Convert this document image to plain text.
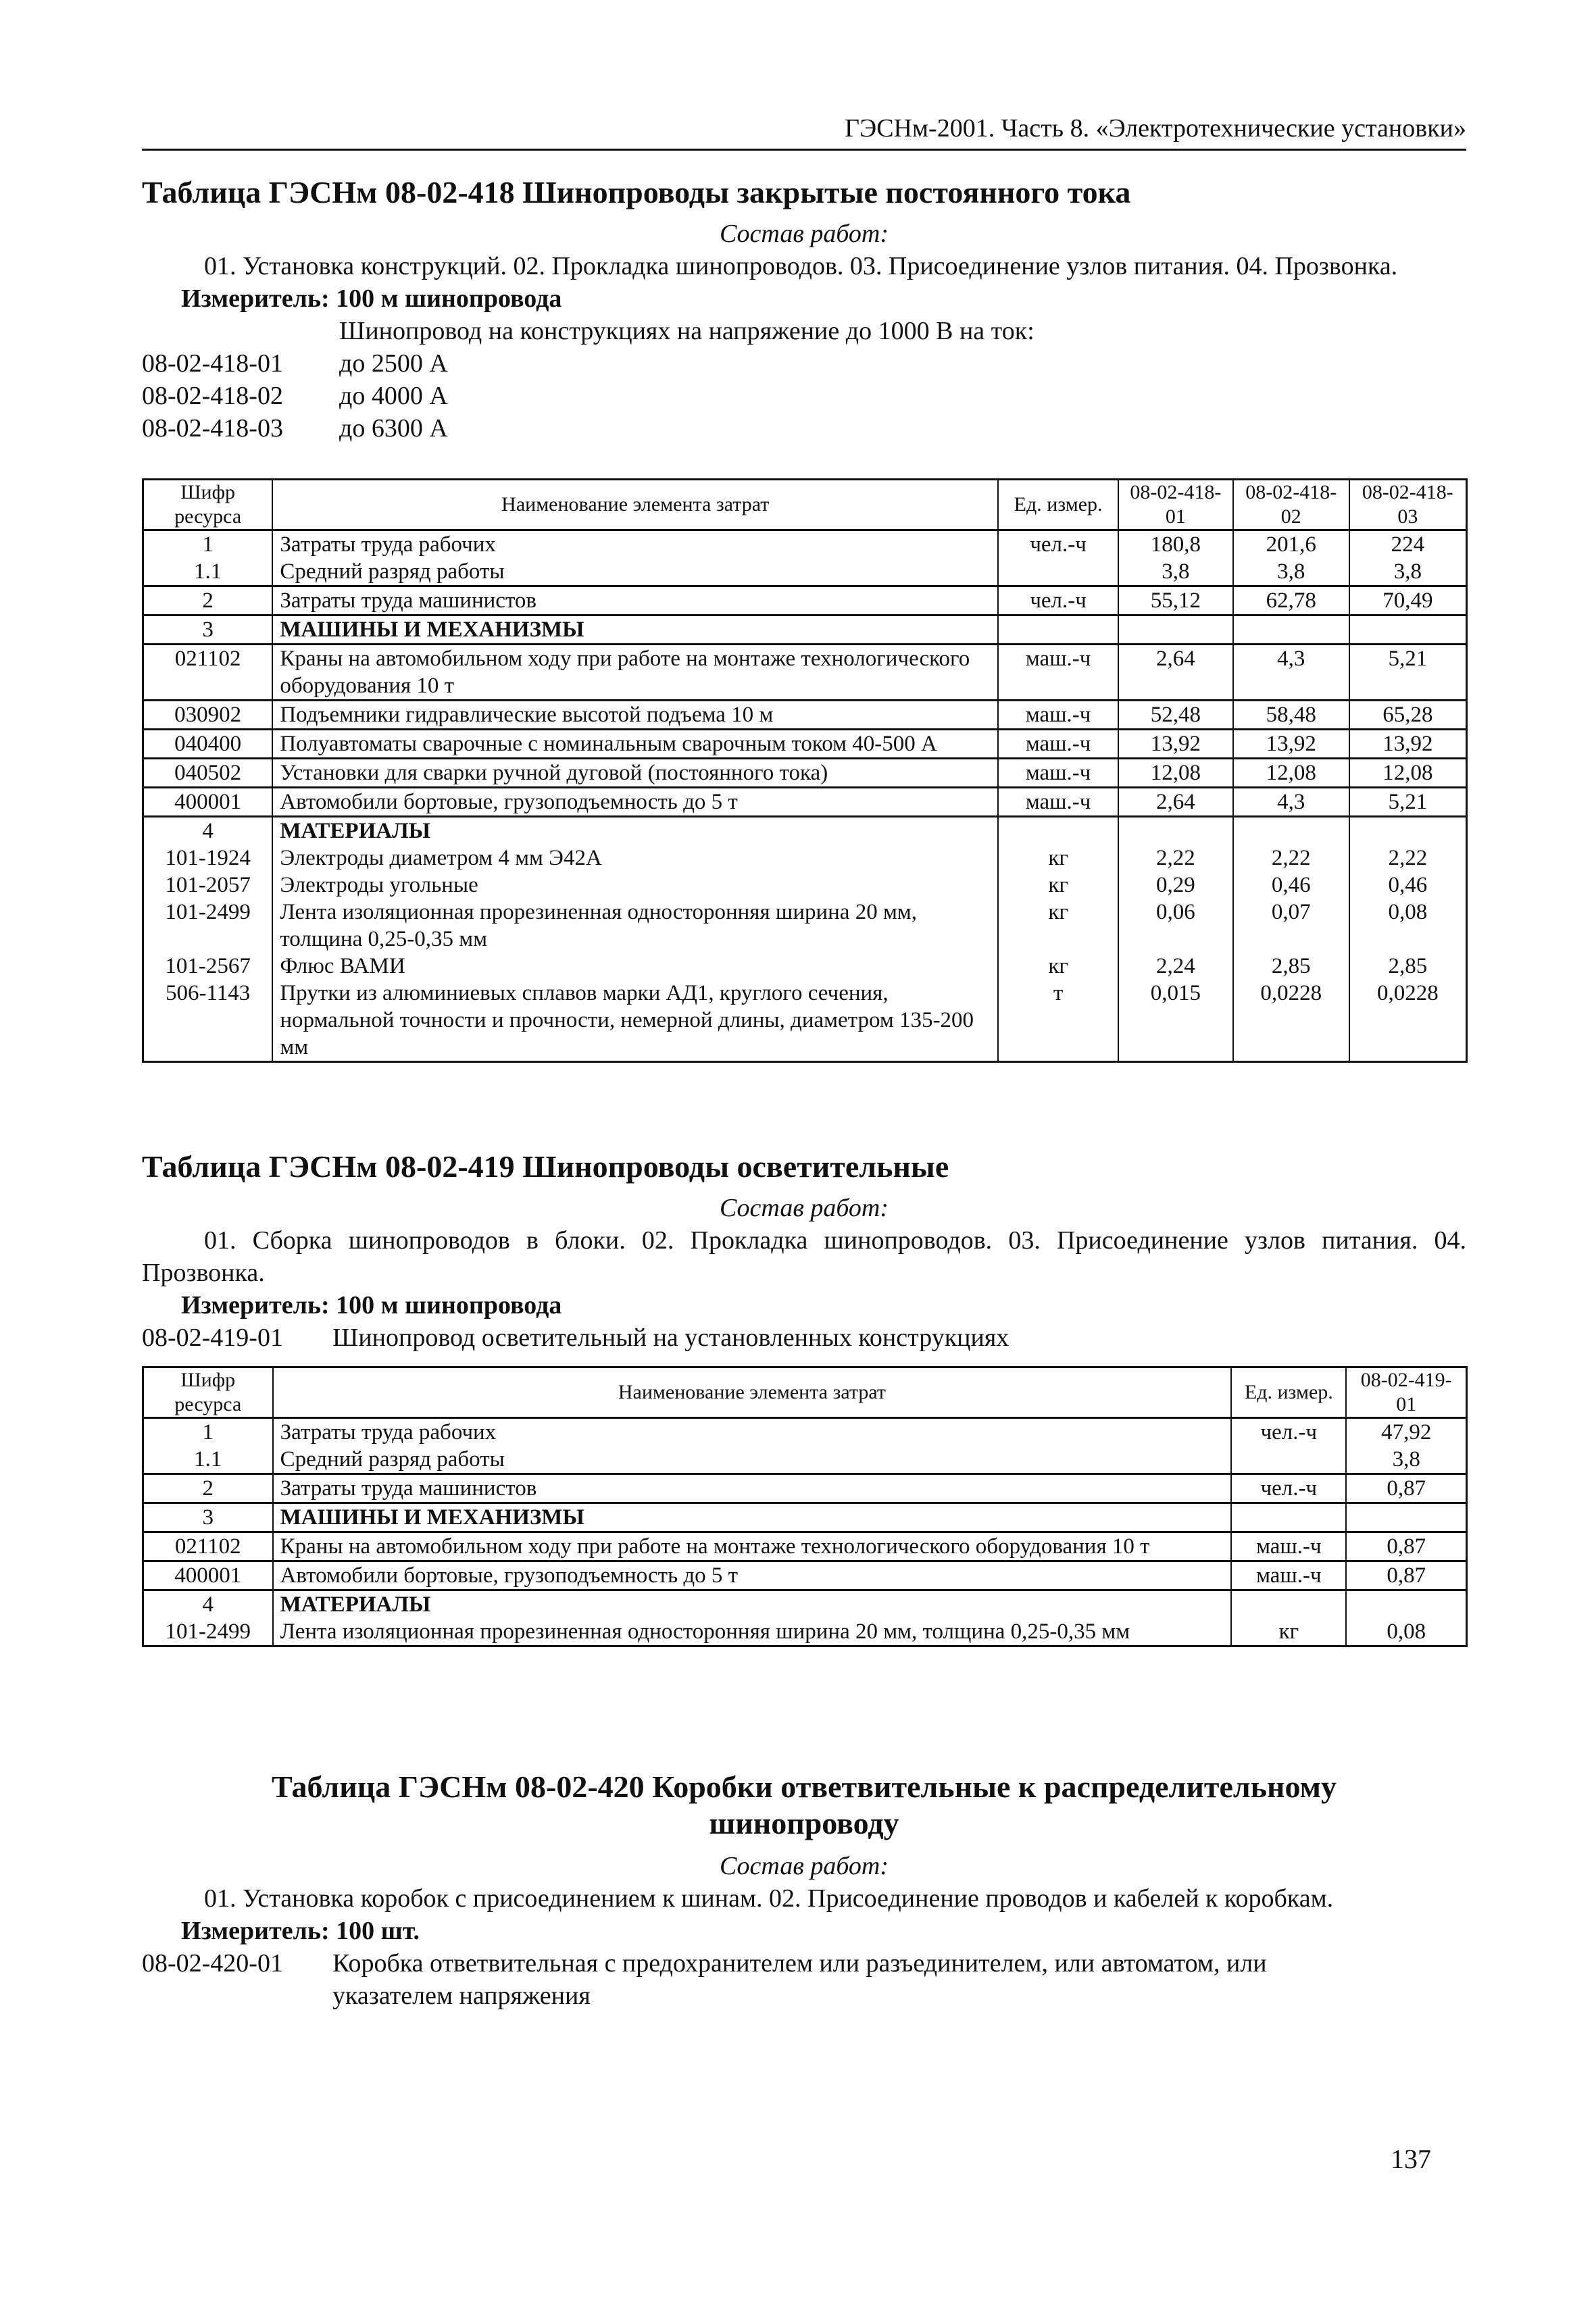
ГЭСНм-2001. Часть 8. «Электротехнические установки»
Таблица ГЭСНм 08-02-418 Шинопроводы закрытые постоянного тока
Состав работ:
01. Установка конструкций. 02. Прокладка шинопроводов. 03. Присоединение узлов питания. 04. Прозвонка.
Измеритель: 100 м шинопровода
Шинопровод на конструкциях на напряжение до 1000 В на ток:
08-02-418-01	до 2500 А
08-02-418-02	до 4000 А
08-02-418-03	до 6300 А
Шифр ресурса	Наименование элемента затрат	Ед. измер.	08-02-418-01	08-02-418-02	08-02-418-03
1	Затраты труда рабочих	чел.-ч	180,8	201,6	224
1.1	Средний разряд работы		3,8	3,8	3,8
2	Затраты труда машинистов	чел.-ч	55,12	62,78	70,49
3	МАШИНЫ И МЕХАНИЗМЫ				
021102	Краны на автомобильном ходу при работе на монтаже технологического оборудования 10 т	маш.-ч	2,64	4,3	5,21
030902	Подъемники гидравлические высотой подъема 10 м	маш.-ч	52,48	58,48	65,28
040400	Полуавтоматы сварочные с номинальным сварочным током 40-500 А	маш.-ч	13,92	13,92	13,92
040502	Установки для сварки ручной дуговой (постоянного тока)	маш.-ч	12,08	12,08	12,08
400001	Автомобили бортовые, грузоподъемность до 5 т	маш.-ч	2,64	4,3	5,21
4	МАТЕРИАЛЫ				
101-1924	Электроды диаметром 4 мм Э42А	кг	2,22	2,22	2,22
101-2057	Электроды угольные	кг	0,29	0,46	0,46
101-2499	Лента изоляционная прорезиненная односторонняя ширина 20 мм, толщина 0,25-0,35 мм	кг	0,06	0,07	0,08
101-2567	Флюс ВАМИ	кг	2,24	2,85	2,85
506-1143	Прутки из алюминиевых сплавов марки АД1, круглого сечения, нормальной точности и прочности, немерной длины, диаметром 135-200 мм	т	0,015	0,0228	0,0228
Таблица ГЭСНм 08-02-419 Шинопроводы осветительные
Состав работ:
01. Сборка шинопроводов в блоки. 02. Прокладка шинопроводов. 03. Присоединение узлов питания. 04. Прозвонка.
Измеритель: 100 м шинопровода
08-02-419-01	Шинопровод осветительный на установленных конструкциях
Шифр ресурса	Наименование элемента затрат	Ед. измер.	08-02-419-01
1	Затраты труда рабочих	чел.-ч	47,92
1.1	Средний разряд работы		3,8
2	Затраты труда машинистов	чел.-ч	0,87
3	МАШИНЫ И МЕХАНИЗМЫ		
021102	Краны на автомобильном ходу при работе на монтаже технологического оборудования 10 т	маш.-ч	0,87
400001	Автомобили бортовые, грузоподъемность до 5 т	маш.-ч	0,87
4	МАТЕРИАЛЫ		
101-2499	Лента изоляционная прорезиненная односторонняя ширина 20 мм, толщина 0,25-0,35 мм	кг	0,08
Таблица ГЭСНм 08-02-420 Коробки ответвительные к распределительному шинопроводу
Состав работ:
01. Установка коробок с присоединением к шинам. 02. Присоединение проводов и кабелей к коробкам.
Измеритель: 100 шт.
08-02-420-01	Коробка ответвительная с предохранителем или разъединителем, или автоматом, или указателем напряжения
137
